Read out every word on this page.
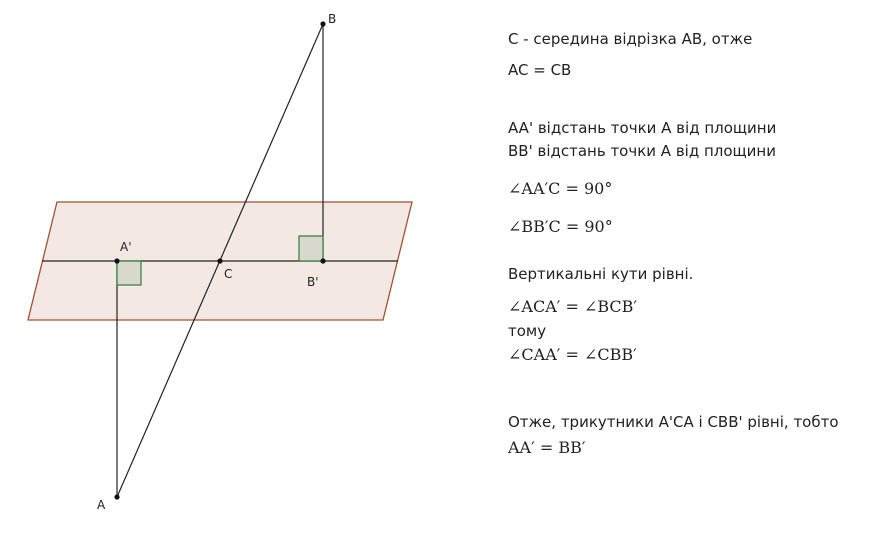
A
B
C
A'
B'
C - середина відрізка AB, отже
AC = CB
AA' відстань точки A від площини
BB' відстань точки A від площини
∠AA′C = 90°
∠BB′C = 90°
Вертикальні кути рівні.
∠ACA′ = ∠BCB′
тому
∠CAA′ = ∠CBB′
Отже, трикутники A'CA і CBB' рівні, тобто
AA′ = BB′
